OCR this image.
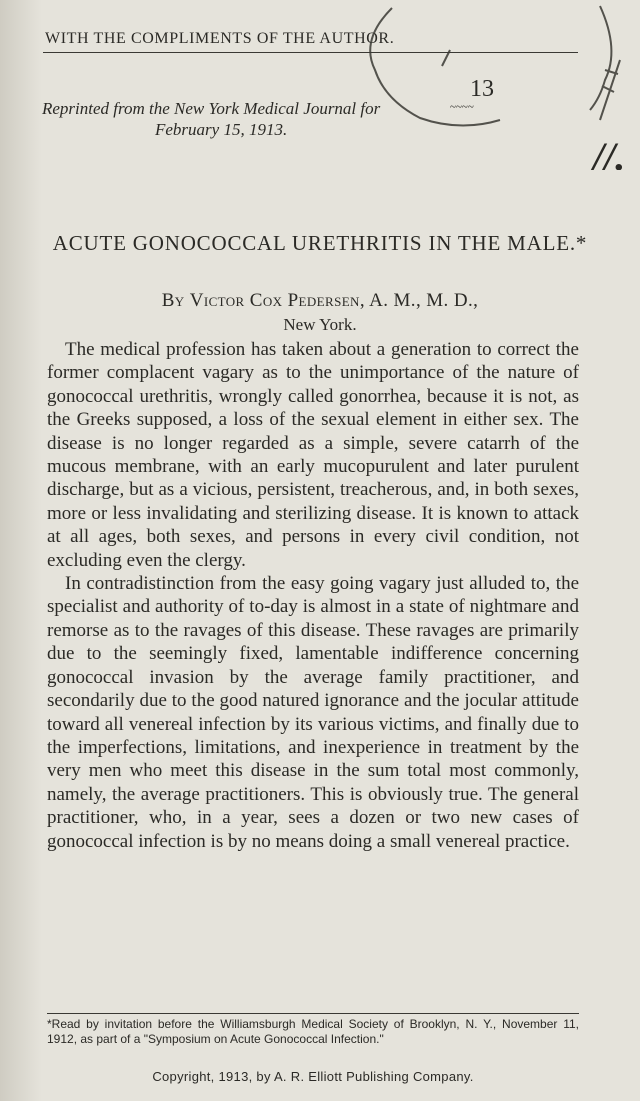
WITH THE COMPLIMENTS OF THE AUTHOR.
Reprinted from the New York Medical Journal for
February 15, 1913.
13
~~~~
//.
ACUTE GONOCOCCAL URETHRITIS IN THE MALE.*
By Victor Cox Pedersen, A. M., M. D.,
New York.

The medical profession has taken about a generation to correct the former complacent vagary as to the unimportance of the nature of gonococcal urethritis, wrongly called gonorrhea, because it is not, as the Greeks supposed, a loss of the sexual element in either sex. The disease is no longer regarded as a simple, severe catarrh of the mucous membrane, with an early mucopurulent and later purulent discharge, but as a vicious, persistent, treacherous, and, in both sexes, more or less invalidating and sterilizing disease. It is known to attack at all ages, both sexes, and persons in every civil condition, not excluding even the clergy.

In contradistinction from the easy going vagary just alluded to, the specialist and authority of to-day is almost in a state of nightmare and remorse as to the ravages of this disease. These ravages are primarily due to the seemingly fixed, lamentable indifference concerning gonococcal invasion by the average family practitioner, and secondarily due to the good natured ignorance and the jocular attitude toward all venereal infection by its various victims, and finally due to the imperfections, limitations, and inexperience in treatment by the very men who meet this disease in the sum total most commonly, namely, the average practitioners. This is obviously true. The general practitioner, who, in a year, sees a dozen or two new cases of gonococcal infection is by no means doing a small venereal practice.

*Read by invitation before the Williamsburgh Medical Society of Brooklyn, N. Y., November 11, 1912, as part of a "Symposium on Acute Gonococcal Infection."
Copyright, 1913, by A. R. Elliott Publishing Company.
